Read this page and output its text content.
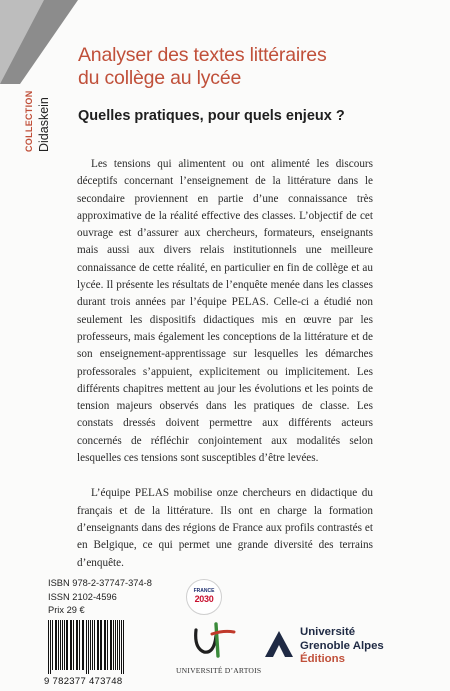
Analyser des textes littéraires
du collège au lycée
Quelles pratiques, pour quels enjeux ?
COLLECTION Didaskein

Les tensions qui alimentent ou ont alimenté les discours déceptifs concernant l’enseignement de la littérature dans le secondaire proviennent en partie d’une connaissance très approximative de la réalité effective des classes. L’objectif de cet ouvrage est d’assurer aux chercheurs, formateurs, enseignants mais aussi aux divers relais institutionnels une meilleure connaissance de cette réalité, en particulier en fin de collège et au lycée. Il présente les résultats de l’enquête menée dans les classes durant trois années par l’équipe PELAS. Celle-ci a étudié non seulement les dispositifs didactiques mis en œuvre par les professeurs, mais également les conceptions de la littérature et de son enseignement-apprentissage sur lesquelles les démarches professorales s’appuient, explicitement ou implicitement. Les différents chapitres mettent au jour les évolutions et les points de tension majeurs observés dans les pratiques de classe. Les constats dressés doivent permettre aux différents acteurs concernés de réfléchir conjointement aux modalités selon lesquelles ces tensions sont susceptibles d’être levées.

L’équipe PELAS mobilise onze chercheurs en didactique du français et de la littérature. Ils ont en charge la formation d’enseignants dans des régions de France aux profils contrastés et en Belgique, ce qui permet une grande diversité des terrains d’enquête.

ISBN 978-2-37747-374-8
ISSN 2102-4596
Prix 29 €
9 782377 473748
FRANCE
2030
UNIVERSITÉ D’ARTOIS
Université
Grenoble Alpes
Éditions
